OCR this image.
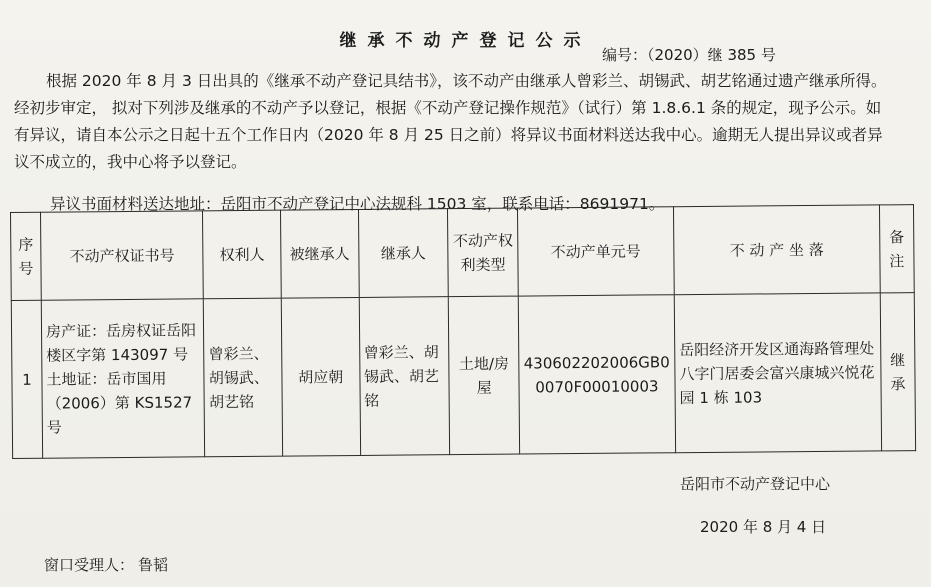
继承不动产登记公示
编号：（2020）继 385 号

根据 2020 年 8 月 3 日出具的《继承不动产登记具结书》，该不动产由继承人曾彩兰、胡锡武、胡艺铭通过遗产继承所得。经初步审定， 拟对下列涉及继承的不动产予以登记，根据《不动产登记操作规范》（试行）第 1.8.6.1 条的规定，现予公示。如有异议，请自本公示之日起十五个工作日内（2020 年 8 月 25 日之前）将异议书面材料送达我中心。逾期无人提出异议或者异议不成立的，我中心将予以登记。

异议书面材料送达地址：岳阳市不动产登记中心法规科 1503 室，联系电话：8691971。
序号	不动产权证书号	权利人	被继承人	继承人	不动产权利类型	不动产单元号	不 动 产 坐 落	备注
1	房产证：岳房权证岳阳楼区字第 143097 号土地证：岳市国用（2006）第 KS1527 号	曾彩兰、胡锡武、胡艺铭	胡应朝	曾彩兰、胡锡武、胡艺铭	土地/房屋	430602202006GB00070F00010003	岳阳经济开发区通海路管理处八字门居委会富兴康城兴悦花园 1 栋 103	继承
岳阳市不动产登记中心
2020 年 8 月 4 日
窗口受理人： 鲁韬
